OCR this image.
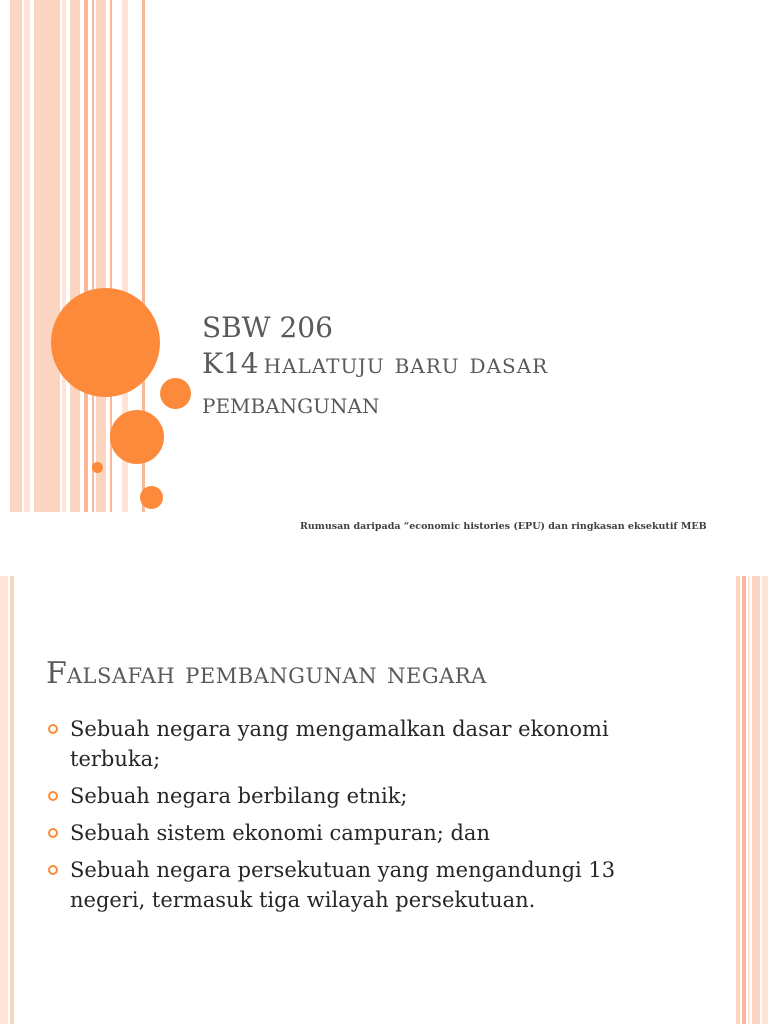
SBW 206
K14 halatuju baru dasar
pembangunan
Rumusan daripada “economic histories (EPU) dan ringkasan eksekutif MEB
Falsafah pembangunan negara
Sebuah negara yang mengamalkan dasar ekonomi terbuka;
Sebuah negara berbilang etnik;
Sebuah sistem ekonomi campuran; dan
Sebuah negara persekutuan yang mengandungi 13 negeri, termasuk tiga wilayah persekutuan.
